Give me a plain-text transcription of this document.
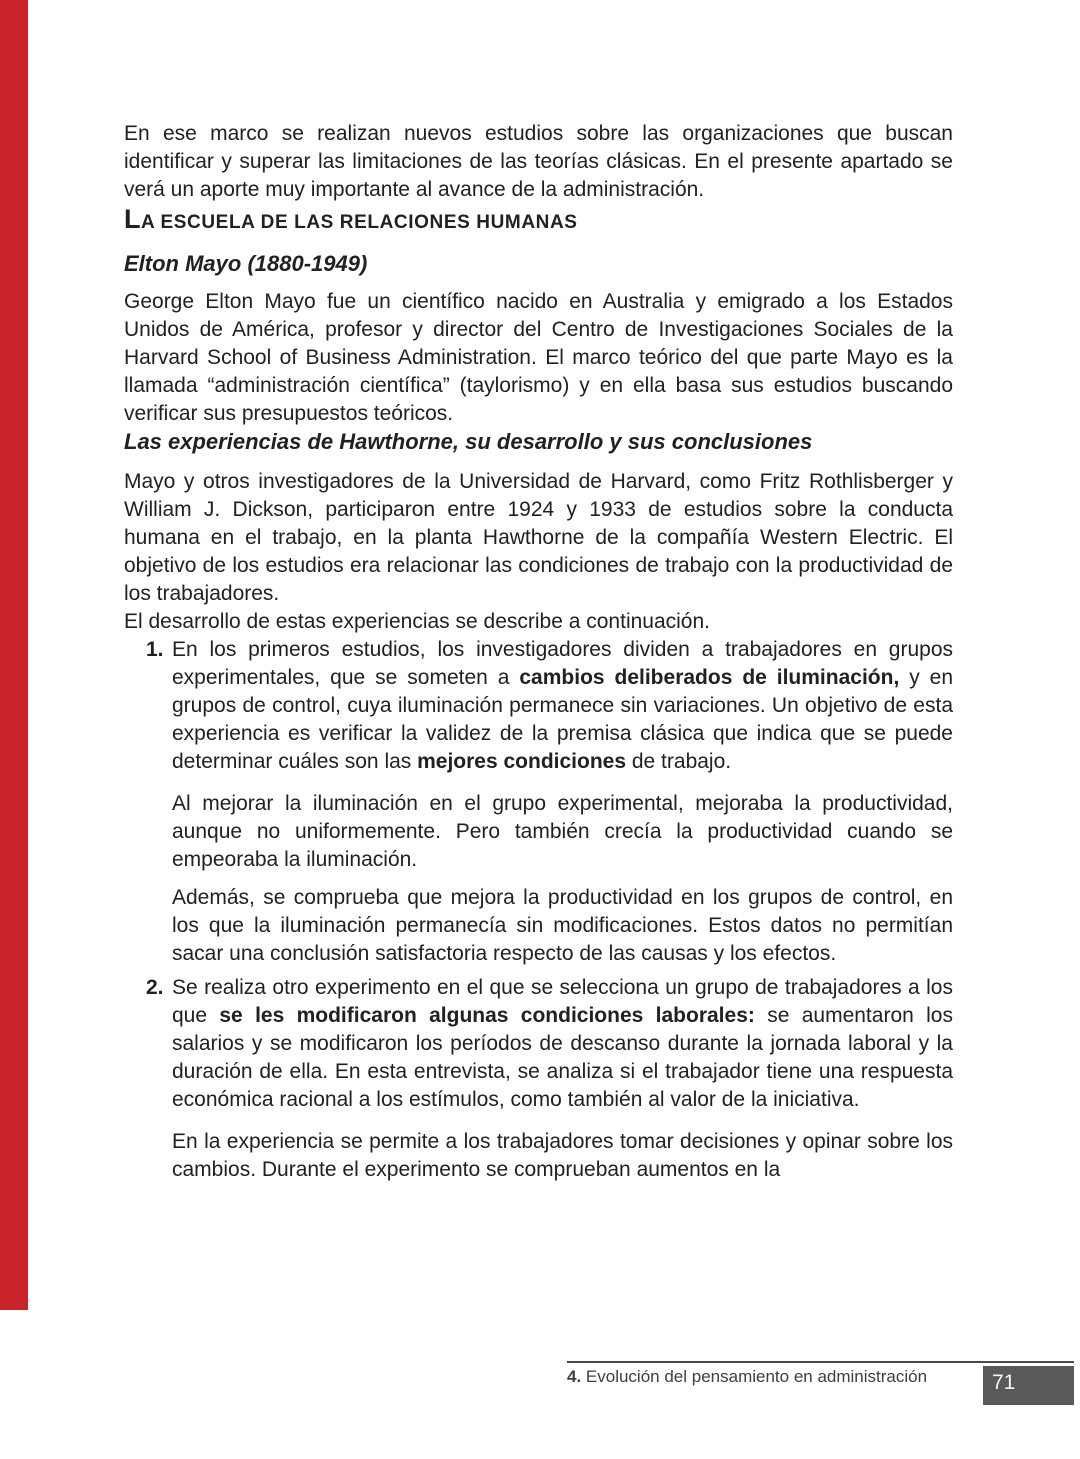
En ese marco se realizan nuevos estudios sobre las organizaciones que buscan identificar y superar las limitaciones de las teorías clásicas. En el presente apartado se verá un aporte muy importante al avance de la administración.

LA ESCUELA DE LAS RELACIONES HUMANAS
Elton Mayo (1880-1949)

George Elton Mayo fue un científico nacido en Australia y emigrado a los Estados Unidos de América, profesor y director del Centro de Investigaciones Sociales de la Harvard School of Business Administration. El marco teórico del que parte Mayo es la llamada “administración científica” (taylorismo) y en ella basa sus estudios buscando verificar sus presupuestos teóricos.

Las experiencias de Hawthorne, su desarrollo y sus conclusiones

Mayo y otros investigadores de la Universidad de Harvard, como Fritz Rothlisberger y William J. Dickson, participaron entre 1924 y 1933 de estudios sobre la conducta humana en el trabajo, en la planta Hawthorne de la compañía Western Electric. El objetivo de los estudios era relacionar las condiciones de trabajo con la productividad de los trabajadores.

El desarrollo de estas experiencias se describe a continuación.

1. En los primeros estudios, los investigadores dividen a trabajadores en grupos experimentales, que se someten a cambios deliberados de iluminación, y en grupos de control, cuya iluminación permanece sin variaciones. Un objetivo de esta experiencia es verificar la validez de la premisa clásica que indica que se puede determinar cuáles son las mejores condiciones de trabajo.

Al mejorar la iluminación en el grupo experimental, mejoraba la productividad, aunque no uniformemente. Pero también crecía la productividad cuando se empeoraba la iluminación.

Además, se comprueba que mejora la productividad en los grupos de control, en los que la iluminación permanecía sin modificaciones. Estos datos no permitían sacar una conclusión satisfactoria respecto de las causas y los efectos.

2. Se realiza otro experimento en el que se selecciona un grupo de trabajadores a los que se les modificaron algunas condiciones laborales: se aumentaron los salarios y se modificaron los períodos de descanso durante la jornada laboral y la duración de ella. En esta entrevista, se analiza si el trabajador tiene una respuesta económica racional a los estímulos, como también al valor de la iniciativa.

En la experiencia se permite a los trabajadores tomar decisiones y opinar sobre los cambios. Durante el experimento se comprueban aumentos en la

4. Evolución del pensamiento en administración	71
